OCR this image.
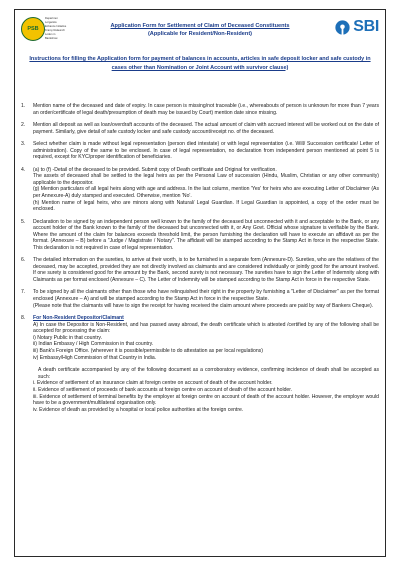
PSB
Departmet Lorganize Enhance Initiative Kramy Relaunch Loden in Bankshow
Application Form for Settlement of Claim of Deceased Constituents
(Applicable for Resident/Non-Resident)	SBI
Instructions for filling the Application form for payment of balances in accounts, articles in safe deposit locker and safe custody in cases other than Nomination or Joint Account with survivor clause)
1.	Mention name of the deceased and date of expiry. In case person is missing/not traceable (i.e., whereabouts of person is unknown for more than 7 years an order/certificate of legal death/presumption of death may be issued by Court) mention date since missing.

2.	Mention all deposit as well as loan/overdraft accounts of the deceased. The actual amount of claim with accrued interest will be worked out on the date of payment. Similarly, give detail of safe custody locker and safe custody account/receipt no. of the deceased.

3.	Select whether claim is made without legal representation (person died intestate) or with legal representation (i.e. Will/ Succession certificate/ Letter of administration). Copy of the same to be enclosed. In case of legal representation, no declaration from independent person mentioned at point 5 is required, except for KYC/proper identification of beneficiaries.

4.	(a) to (f) -Detail of the deceased to be provided. Submit copy of Death certificate and Original for verification.

The assets of deceased shall be settled to the legal heirs as per the Personal Law of succession (Hindu, Muslim, Christian or any other community) applicable to the depositor.

(g) Mention particulars of all legal heirs along with age and address. In the last column, mention 'Yes' for heirs who are executing Letter of Disclaimer (As per Annexure-A) duly stamped and executed. Otherwise, mention 'No'.

(h) Mention name of legal heirs, who are minors along with Natural/ Legal Guardian. If Legal Guardian is appointed, a copy of the order must be enclosed.

5.	Declaration to be signed by an independent person well known to the family of the deceased but unconnected with it and acceptable to the Bank, or any account holder of the Bank known to the family of the deceased but unconnected with it, or Any Govt. Official whose signature is verifiable by the Bank. Where the amount of the claim for balances exceeds threshold limit, the person furnishing the declaration will have to execute an affidavit as per the format. (Annexure – B) before a "Judge / Magistrate / Notary". The affidavit will be stamped according to the Stamp Act in force in the respective State. This declaration is not required in case of legal representation.

6.	The detailed information on the sureties, to arrive at their worth, is to be furnished in a separate form (Annexure-D). Sureties, who are the relatives of the deceased, may be accepted, provided they are not directly involved as claimants and are considered individually or jointly good for the amount involved. If one surety is considered good for the amount by the Bank, second surety is not necessary. The sureties have to sign the Letter of Indemnity along with Claimants as per format enclosed (Annexure – C). The Letter of Indemnity will be stamped according to the Stamp Act in force in the respective State.

7.	To be signed by all the claimants other than those who have relinquished their right in the property by furnishing a "Letter of Disclaimer" as per the format enclosed (Annexure – A) and will be stamped according to the Stamp Act in force in the respective State.

(Please note that the claimants will have to sign the receipt for having received the claim amount where proceeds are paid by way of Bankers Cheque).

8.	For Non-Resident Depositor/Claimant

A) In case the Depositor is Non-Resident, and has passed away abroad, the death certificate which is attested /certified by any of the following shall be accepted for processing the claim:

i) Notary Public in that country.

ii) Indian Embassy / High Commission in that country.

iii) Bank's Foreign Office. (wherever it is possible/permissible to do attestation as per local regulations)

iv) Embassy/High Commission of that Country in India.

A death certificate accompanied by any of the following document as a corroboratory evidence, confirming incidence of death shall be accepted as such:

i. Evidence of settlement of an insurance claim at foreign centre on account of death of the account holder.

ii. Evidence of settlement of proceeds of bank accounts at foreign centre on account of death of the account holder.

iii. Evidence of settlement of terminal benefits by the employer at foreign centre on account of death of the account holder. However, the employer would have to be a government/multilateral organisation only.

iv. Evidence of death as provided by a hospital or local police authorities at the foreign centre.
